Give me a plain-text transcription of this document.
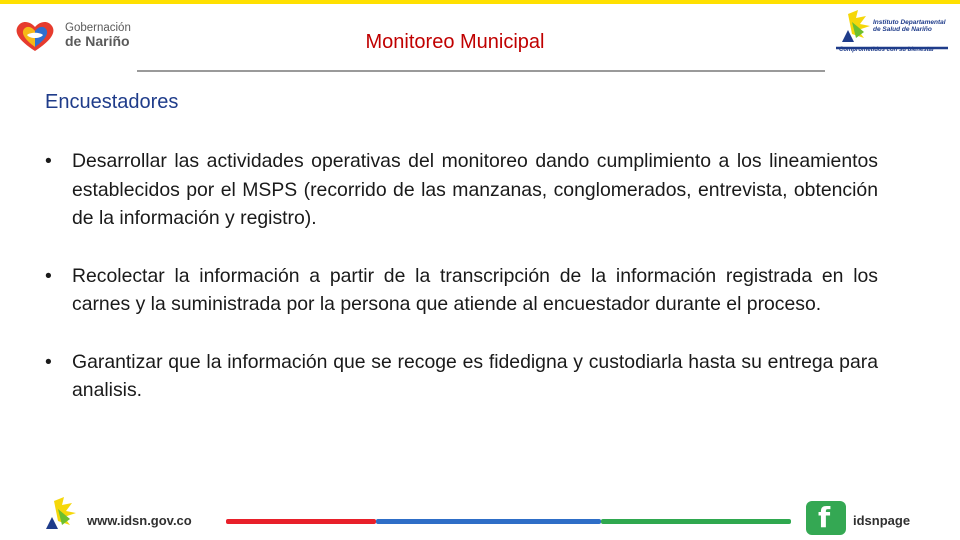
Gobernación
de Nariño	Monitoreo Municipal
Instituto Departamental de Salud de Nariño
Comprometidos con su bienestar
Encuestadores
• Desarrollar las actividades operativas del monitoreo dando cumplimiento a los lineamientos establecidos por el MSPS (recorrido de las manzanas, conglomerados, entrevista, obtención de la información y registro).
• Recolectar la información a partir de la transcripción de la información registrada en los carnes y la suministrada por la persona que atiende al encuestador durante el proceso.
• Garantizar que la información que se recoge es fidedigna y custodiarla hasta su entrega para analisis.
www.idsn.gov.co	f idsnpage
